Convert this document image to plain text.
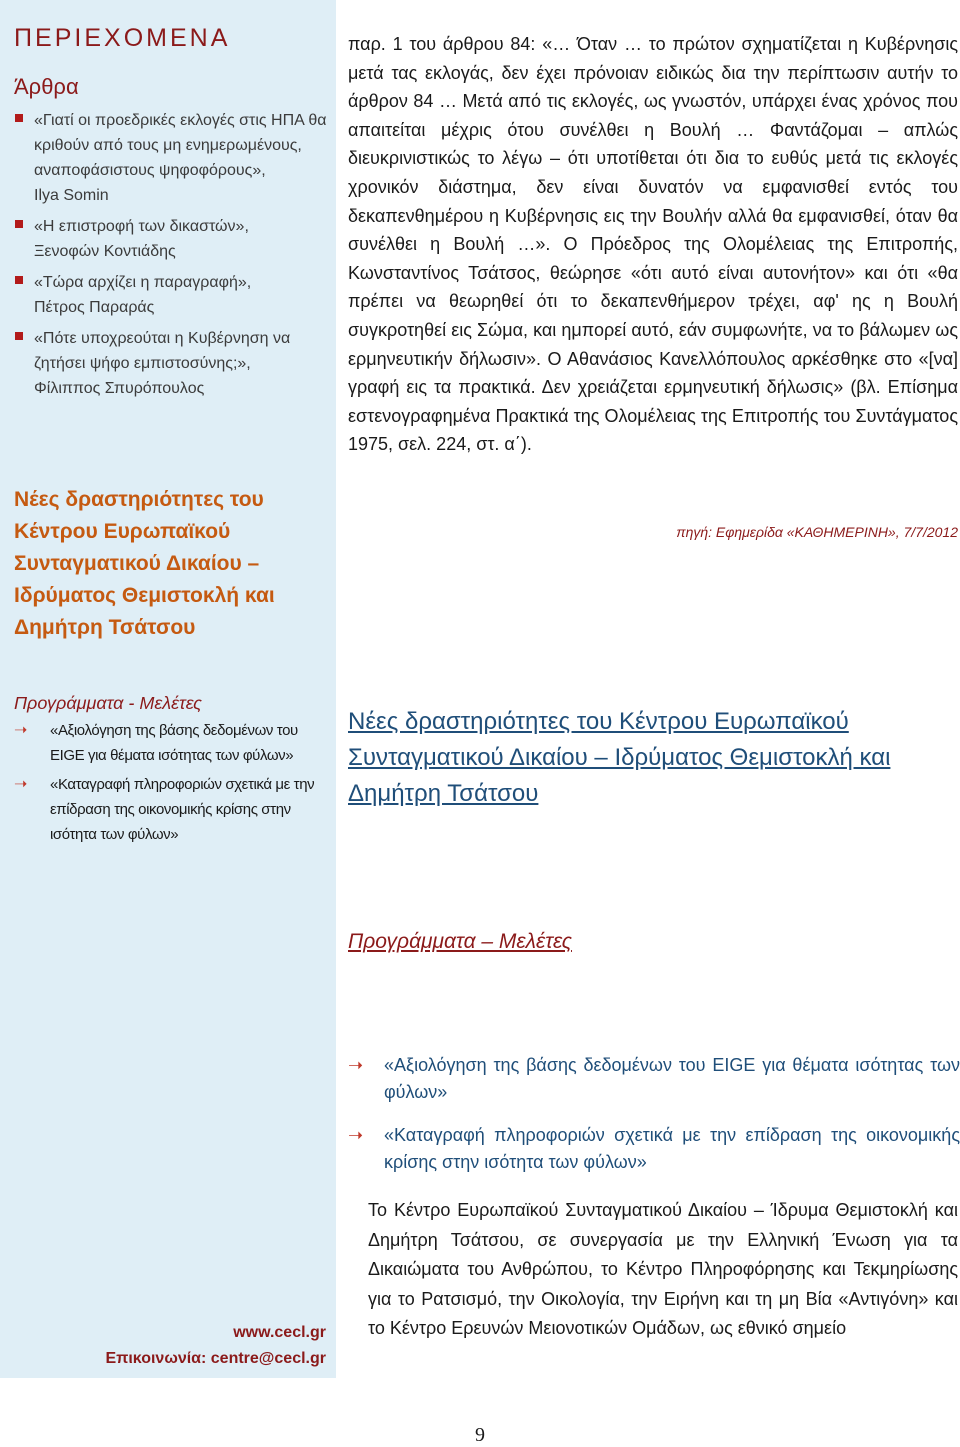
ΠΕΡΙΕΧΟΜΕΝΑ
Άρθρα
«Γιατί οι προεδρικές εκλογές στις ΗΠΑ θα κριθούν από τους μη ενημερωμένους, αναποφάσιστους ψηφοφόρους»,
Ilya Somin
«Η επιστροφή των δικαστών»,
Ξενοφών Κοντιάδης
«Τώρα αρχίζει η παραγραφή»,
Πέτρος Παραράς
«Πότε υποχρεούται η Κυβέρνηση να ζητήσει ψήφο εμπιστοσύνης;»,
Φίλιππος Σπυρόπουλος
Νέες δραστηριότητες του Κέντρου Ευρωπαϊκού Συνταγματικού Δικαίου – Ιδρύματος Θεμιστοκλή και Δημήτρη Τσάτσου
Προγράμματα - Μελέτες
➝ «Αξιολόγηση της βάσης δεδομένων του EIGE για θέματα ισότητας των φύλων»
➝ «Καταγραφή πληροφοριών σχετικά με την επίδραση της οικονομικής κρίσης στην ισότητα των φύλων»
www.cecl.gr
Επικοινωνία: centre@cecl.gr

παρ. 1 του άρθρου 84: «… Όταν … το πρώτον σχηματίζεται η Κυβέρνησις μετά τας εκλογάς, δεν έχει πρόνοιαν ειδικώς δια την περίπτωσιν αυτήν το άρθρον 84 … Μετά από τις εκλογές, ως γνωστόν, υπάρχει ένας χρόνος που απαιτείται μέχρις ότου συνέλθει η Βουλή … Φαντάζομαι – απλώς διευκρινιστικώς το λέγω – ότι υποτίθεται ότι δια το ευθύς μετά τις εκλογές χρονικόν διάστημα, δεν είναι δυνατόν να εμφανισθεί εντός του δεκαπενθημέρου η Κυβέρνησις εις την Βουλήν αλλά θα εμφανισθεί, όταν θα συνέλθει η Βουλή …». Ο Πρόεδρος της Ολομέλειας της Επιτροπής, Κωνσταντίνος Τσάτσος, θεώρησε «ότι αυτό είναι αυτονήτον» και ότι «θα πρέπει να θεωρηθεί ότι το δεκαπενθήμερον τρέχει, αφ' ης η Βουλή συγκροτηθεί εις Σώμα, και ημπορεί αυτό, εάν συμφωνήτε, να το βάλωμεν ως ερμηνευτικήν δήλωσιν». Ο Αθανάσιος Κανελλόπουλος αρκέσθηκε στο «[να] γραφή εις τα πρακτικά. Δεν χρειάζεται ερμηνευτική δήλωσις» (βλ. Επίσημα εστενογραφημένα Πρακτικά της Ολομέλειας της Επιτροπής του Συντάγματος 1975, σελ. 224, στ. α΄).

πηγή: Εφημερίδα «ΚΑΘΗΜΕΡΙΝΗ», 7/7/2012

Νέες δραστηριότητες του Κέντρου Ευρωπαϊκού Συνταγματικού Δικαίου – Ιδρύματος Θεμιστοκλή και Δημήτρη Τσάτσου
Προγράμματα – Μελέτες
➝ «Αξιολόγηση της βάσης δεδομένων του EIGE για θέματα ισότητας των φύλων»
➝ «Καταγραφή πληροφοριών σχετικά με την επίδραση της οικονομικής κρίσης στην ισότητα των φύλων»

Το Κέντρο Ευρωπαϊκού Συνταγματικού Δικαίου – Ίδρυμα Θεμιστοκλή και Δημήτρη Τσάτσου, σε συνεργασία με την Ελληνική Ένωση για τα Δικαιώματα του Ανθρώπου, το Κέντρο Πληροφόρησης και Τεκμηρίωσης για το Ρατσισμό, την Οικολογία, την Ειρήνη και τη μη Βία «Αντιγόνη» και το Κέντρο Ερευνών Μειονοτικών Ομάδων, ως εθνικό σημείο

9
